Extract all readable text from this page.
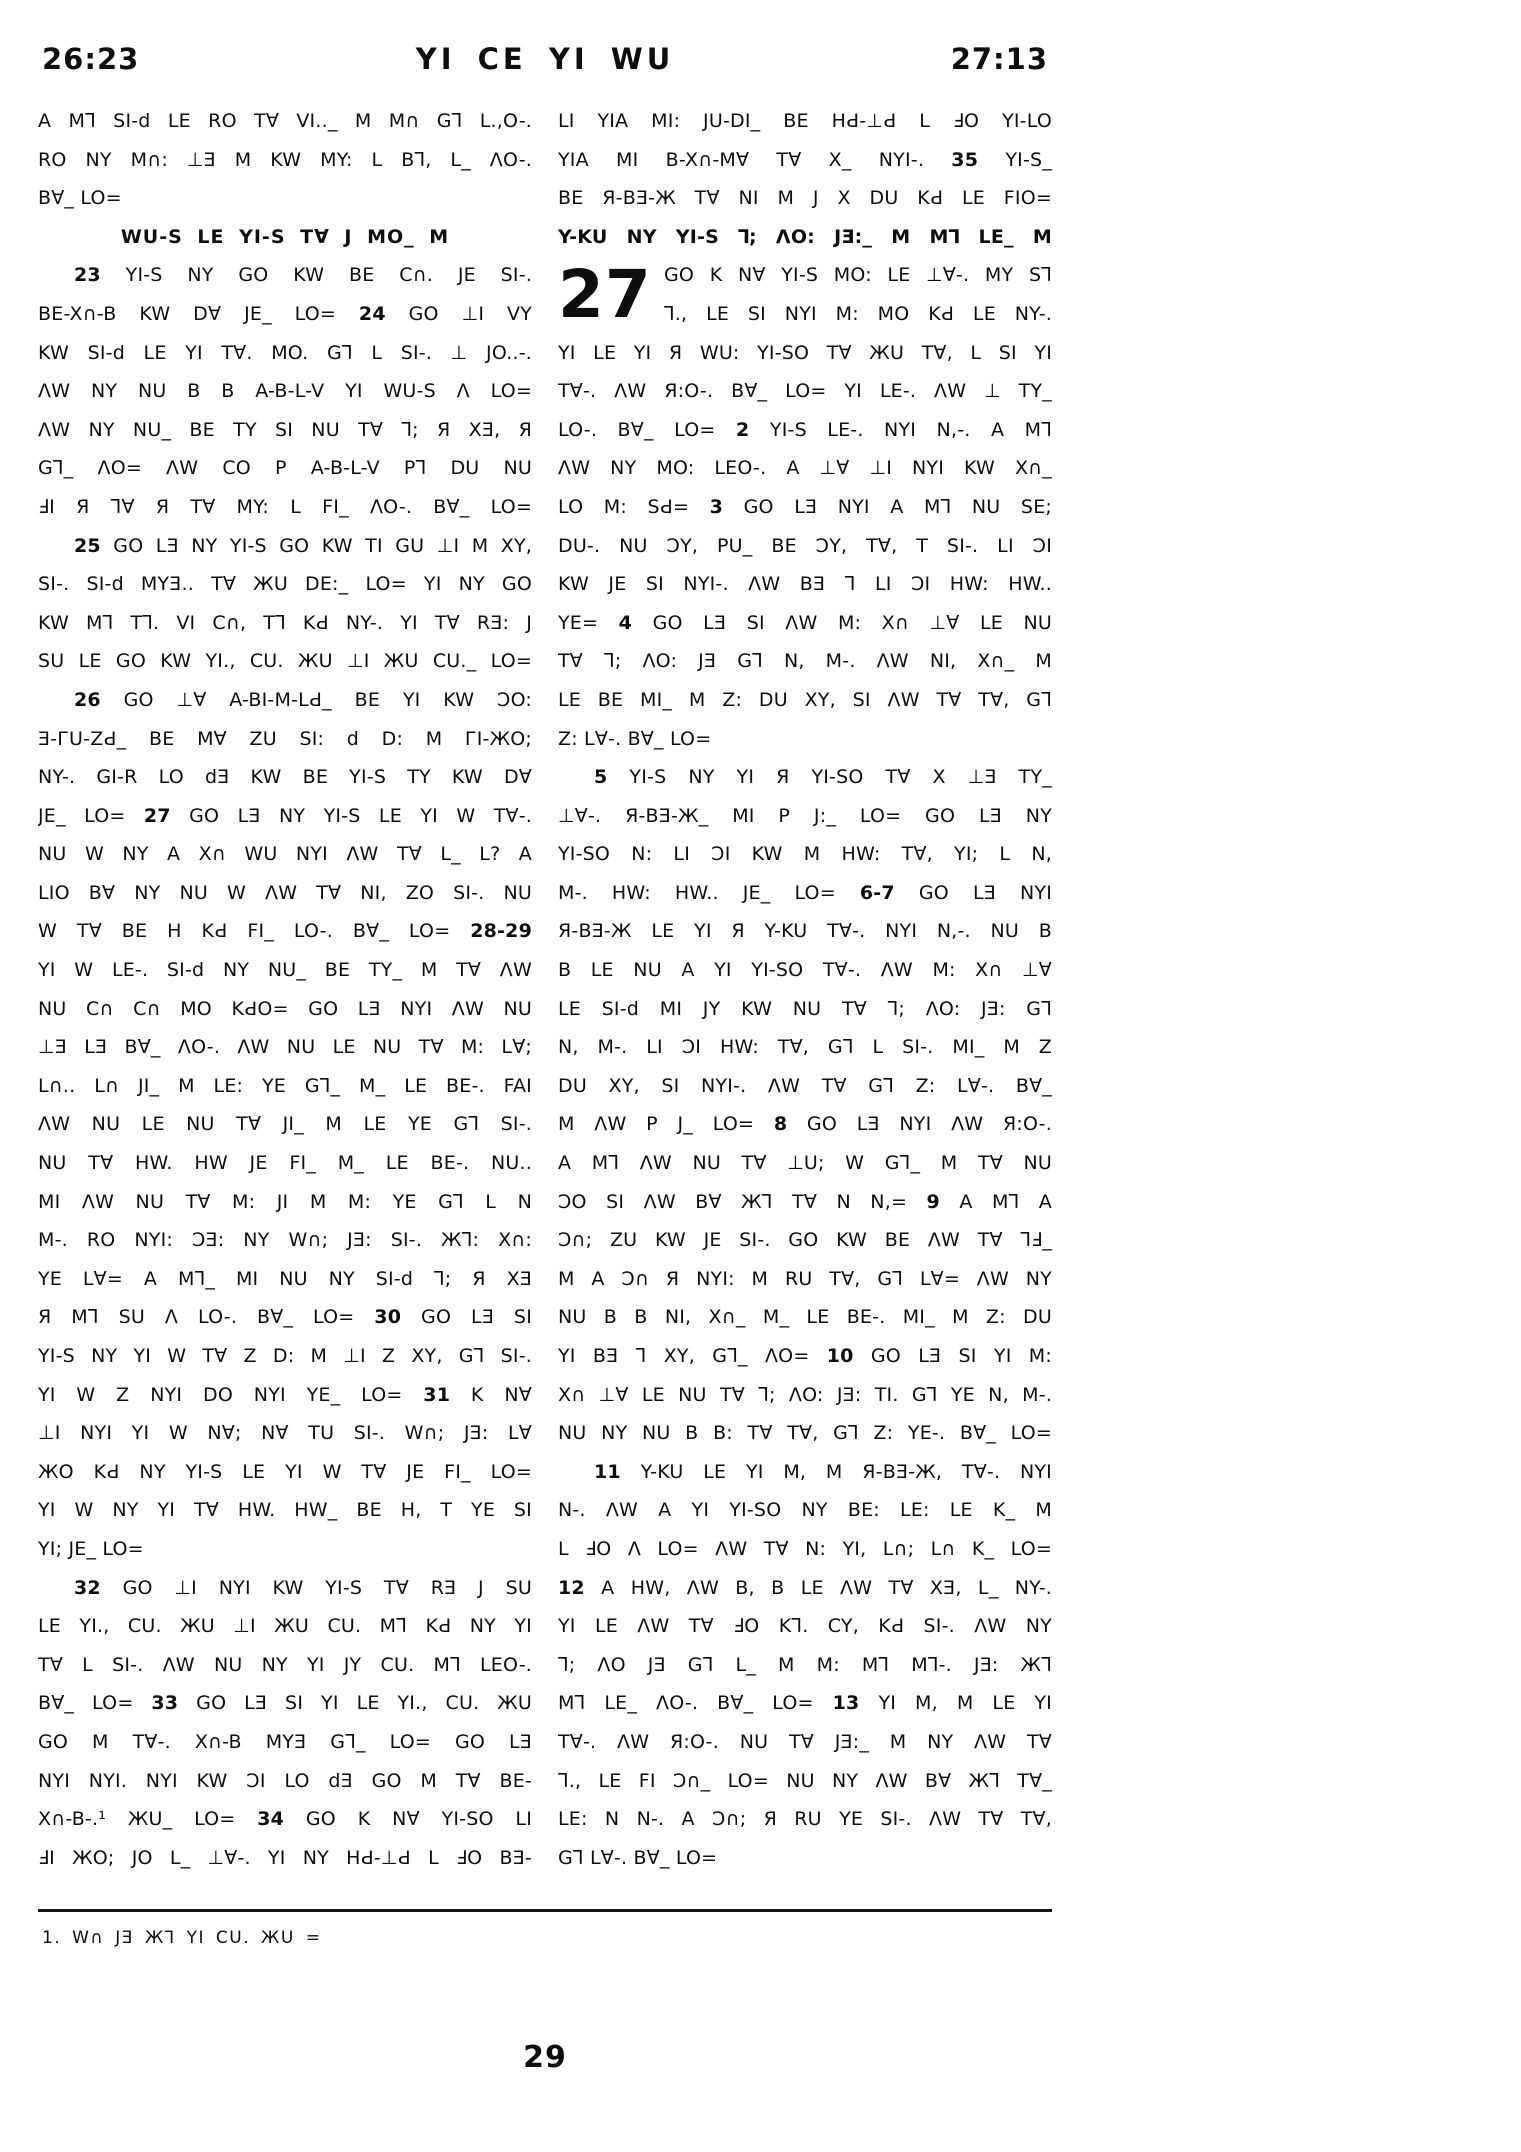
26:23	YI CE YI WU	27:13
A M⅂ SI-d LE RO T∀ VI.._ M M∩ G⅂ L.,O-.
RO NY M∩: ⊥Ǝ M KW MY: L B⅂, L_ ΛO-.
B∀_ LO=
WU-S LE YI-S T∀ J MO_ M
23 YI-S NY GO KW BE C∩. JE SI-.
BE-X∩-B KW D∀ JE_ LO= 24 GO ⊥I VY
KW SI-d LE YI T∀. MO. G⅂ L SI-. ⊥ JO..-.
ΛW NY NU B B A-B-L-V YI WU-S Λ LO=
ΛW NY NU_ BE TY SI NU T∀ ⅂; Я XƎ, Я
G⅂_ ΛO= ΛW CO P A-B-L-V P⅂ DU NU
ℲI Я ⅂∀ Я T∀ MY: L FI_ ΛO-. B∀_ LO=
25 GO LƎ NY YI-S GO KW TI GU ⊥I M XY,
SI-. SI-d MYƎ.. T∀ ЖU DE:_ LO= YI NY GO
KW M⅂ T⅂. VI C∩, T⅂ KԀ NY-. YI T∀ RƎ: J
SU LE GO KW YI., CU. ЖU ⊥I ЖU CU._ LO=
26 GO ⊥∀ A-BI-M-LԀ_ BE YI KW ƆO:
Ǝ-ГU-ZԀ_ BE M∀ ZU SI: d D: M ГI-ЖO;
NY-. GI-R LO dƎ KW BE YI-S TY KW D∀
JE_ LO= 27 GO LƎ NY YI-S LE YI W T∀-.
NU W NY A X∩ WU NYI ΛW T∀ L_ L? A
LIO B∀ NY NU W ΛW T∀ NI, ZO SI-. NU
W T∀ BE H KԀ FI_ LO-. B∀_ LO= 28-29
YI W LE-. SI-d NY NU_ BE TY_ M T∀ ΛW
NU C∩ C∩ MO KԀO= GO LƎ NYI ΛW NU
⊥Ǝ LƎ B∀_ ΛO-. ΛW NU LE NU T∀ M: L∀;
L∩.. L∩ JI_ M LE: YE G⅂_ M_ LE BE-. FAI
ΛW NU LE NU T∀ JI_ M LE YE G⅂ SI-.
NU T∀ HW. HW JE FI_ M_ LE BE-. NU..
MI ΛW NU T∀ M: JI M M: YE G⅂ L N
M-. RO NYI: ƆƎ: NY W∩; JƎ: SI-. Ж⅂: X∩:
YE L∀= A M⅂_ MI NU NY SI-d ⅂; Я XƎ
Я M⅂ SU Λ LO-. B∀_ LO= 30 GO LƎ SI
YI-S NY YI W T∀ Z D: M ⊥I Z XY, G⅂ SI-.
YI W Z NYI DO NYI YE_ LO= 31 K N∀
⊥I NYI YI W N∀; N∀ TU SI-. W∩; JƎ: L∀
ЖO KԀ NY YI-S LE YI W T∀ JE FI_ LO=
YI W NY YI T∀ HW. HW_ BE H, T YE SI
YI; JE_ LO=
32 GO ⊥I NYI KW YI-S T∀ RƎ J SU
LE YI., CU. ЖU ⊥I ЖU CU. M⅂ KԀ NY YI
T∀ L SI-. ΛW NU NY YI JY CU. M⅂ LEO-.
B∀_ LO= 33 GO LƎ SI YI LE YI., CU. ЖU
GO M T∀-. X∩-B MYƎ G⅂_ LO= GO LƎ
NYI NYI. NYI KW ƆI LO dƎ GO M T∀ BE-
X∩-B-.¹ ЖU_ LO= 34 GO K N∀ YI-SO LI
ℲI ЖO; JO L_ ⊥∀-. YI NY HԀ-⊥Ԁ L ℲO BƎ-
LI YIA MI: JU-DI_ BE HԀ-⊥Ԁ L ℲO YI-LO
YIA MI B-X∩-M∀ T∀ X_ NYI-. 35 YI-S_
BE Я-BƎ-Ж T∀ NI M J X DU KԀ LE FIO=
Y-KU NY YI-S ⅂; ΛO: JƎ:_ M M⅂ LE_ M
27 GO K N∀ YI-S MO: LE ⊥∀-. MY S⅂
⅂., LE SI NYI M: MO KԀ LE NY-.
YI LE YI Я WU: YI-SO T∀ ЖU T∀, L SI YI
T∀-. ΛW Я:O-. B∀_ LO= YI LE-. ΛW ⊥ TY_
LO-. B∀_ LO= 2 YI-S LE-. NYI N,-. A M⅂
ΛW NY MO: LEO-. A ⊥∀ ⊥I NYI KW X∩_
LO M: SԀ= 3 GO LƎ NYI A M⅂ NU SE;
DU-. NU ƆY, PU_ BE ƆY, T∀, T SI-. LI ƆI
KW JE SI NYI-. ΛW BƎ ⅂ LI ƆI HW: HW..
YE= 4 GO LƎ SI ΛW M: X∩ ⊥∀ LE NU
T∀ ⅂; ΛO: JƎ G⅂ N, M-. ΛW NI, X∩_ M
LE BE MI_ M Z: DU XY, SI ΛW T∀ T∀, G⅂
Z: L∀-. B∀_ LO=
5 YI-S NY YI Я YI-SO T∀ X ⊥Ǝ TY_
⊥∀-. Я-BƎ-Ж_ MI P J:_ LO= GO LƎ NY
YI-SO N: LI ƆI KW M HW: T∀, YI; L N,
M-. HW: HW.. JE_ LO= 6-7 GO LƎ NYI
Я-BƎ-Ж LE YI Я Y-KU T∀-. NYI N,-. NU B
B LE NU A YI YI-SO T∀-. ΛW M: X∩ ⊥∀
LE SI-d MI JY KW NU T∀ ⅂; ΛO: JƎ: G⅂
N, M-. LI ƆI HW: T∀, G⅂ L SI-. MI_ M Z
DU XY, SI NYI-. ΛW T∀ G⅂ Z: L∀-. B∀_
M ΛW P J_ LO= 8 GO LƎ NYI ΛW Я:O-.
A M⅂ ΛW NU T∀ ⊥U; W G⅂_ M T∀ NU
ƆO SI ΛW B∀ Ж⅂ T∀ N N,= 9 A M⅂ A
Ɔ∩; ZU KW JE SI-. GO KW BE ΛW T∀ ⅂Ⅎ_
M A Ɔ∩ Я NYI: M RU T∀, G⅂ L∀= ΛW NY
NU B B NI, X∩_ M_ LE BE-. MI_ M Z: DU
YI BƎ ⅂ XY, G⅂_ ΛO= 10 GO LƎ SI YI M:
X∩ ⊥∀ LE NU T∀ ⅂; ΛO: JƎ: TI. G⅂ YE N, M-.
NU NY NU B B: T∀ T∀, G⅂ Z: YE-. B∀_ LO=
11 Y-KU LE YI M, M Я-BƎ-Ж, T∀-. NYI
N-. ΛW A YI YI-SO NY BE: LE: LE K_ M
L ℲO Λ LO= ΛW T∀ N: YI, L∩; L∩ K_ LO=
12 A HW, ΛW B, B LE ΛW T∀ XƎ, L_ NY-.
YI LE ΛW T∀ ℲO K⅂. CY, KԀ SI-. ΛW NY
⅂; ΛO JƎ G⅂ L_ M M: M⅂ M⅂-. JƎ: Ж⅂
M⅂ LE_ ΛO-. B∀_ LO= 13 YI M, M LE YI
T∀-. ΛW Я:O-. NU T∀ JƎ:_ M NY ΛW T∀
⅂., LE FI Ɔ∩_ LO= NU NY ΛW B∀ Ж⅂ T∀_
LE: N N-. A Ɔ∩; Я RU YE SI-. ΛW T∀ T∀,
G⅂ L∀-. B∀_ LO=
1. W∩ JƎ Ж⅂ YI CU. ЖU =
29
